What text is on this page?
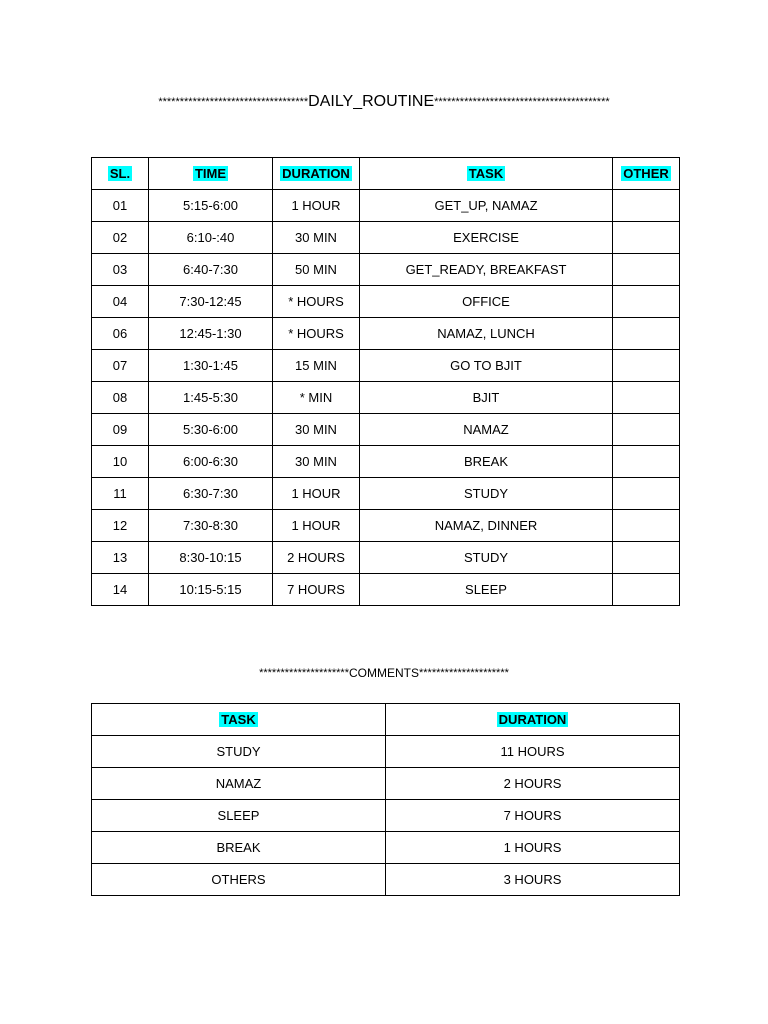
***********************************DAILY_ROUTINE*****************************************
SL.	TIME	DURATION	TASK	OTHER
01	5:15-6:00	1 HOUR	GET_UP, NAMAZ	
02	6:10-:40	30 MIN	EXERCISE	
03	6:40-7:30	50 MIN	GET_READY, BREAKFAST	
04	7:30-12:45	* HOURS	OFFICE	
06	12:45-1:30	* HOURS	NAMAZ, LUNCH	
07	1:30-1:45	15 MIN	GO TO BJIT	
08	1:45-5:30	* MIN	BJIT	
09	5:30-6:00	30 MIN	NAMAZ	
10	6:00-6:30	30 MIN	BREAK	
11	6:30-7:30	1 HOUR	STUDY	
12	7:30-8:30	1 HOUR	NAMAZ, DINNER	
13	8:30-10:15	2 HOURS	STUDY	
14	10:15-5:15	7 HOURS	SLEEP	
*********************COMMENTS*********************
TASK	DURATION
STUDY	11 HOURS
NAMAZ	2 HOURS
SLEEP	7 HOURS
BREAK	1 HOURS
OTHERS	3 HOURS
